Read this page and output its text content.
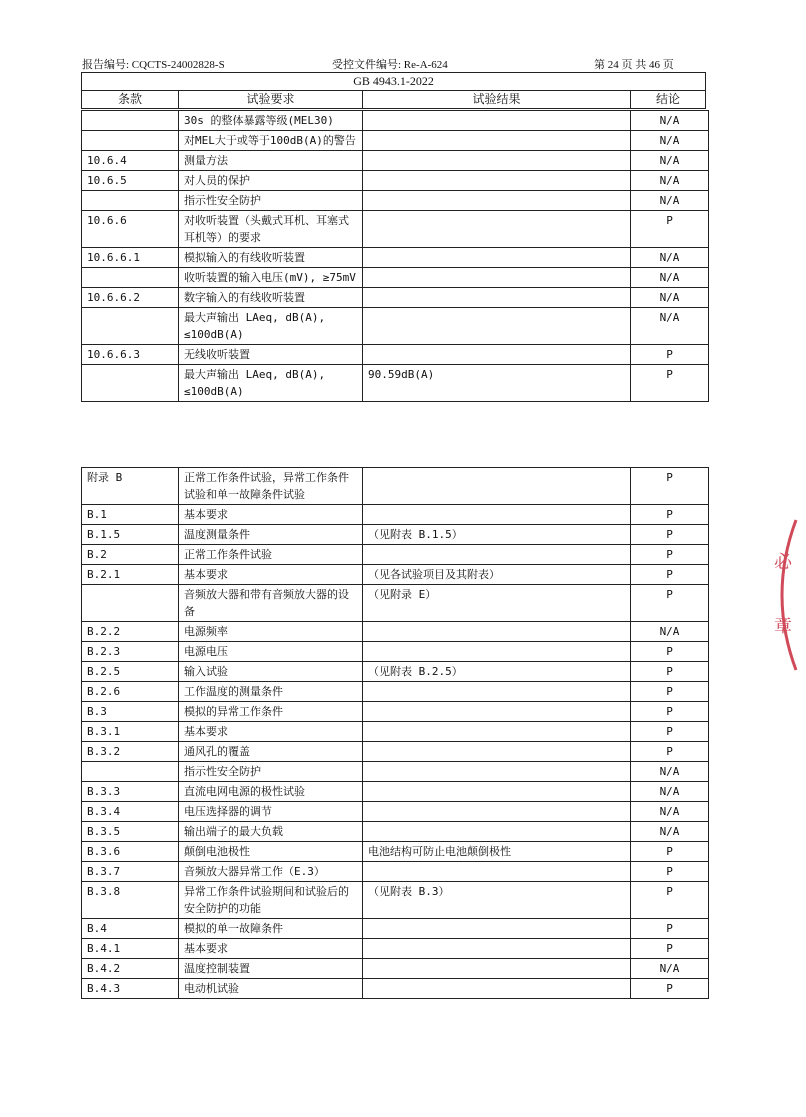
报告编号: CQCTS-24002828-S	受控文件编号: Re-A-624	第 24 页 共 46 页
GB 4943.1-2022
条款	试验要求	试验结果	结论
	30s 的整体暴露等级(MEL30)		N/A
	对MEL大于或等于100dB(A)的警告		N/A
10.6.4	测量方法		N/A
10.6.5	对人员的保护		N/A
	指示性安全防护		N/A
10.6.6	对收听装置（头戴式耳机、耳塞式耳机等）的要求		P
10.6.6.1	模拟输入的有线收听装置		N/A
	收听装置的输入电压(mV), ≥75mV		N/A
10.6.6.2	数字输入的有线收听装置		N/A
	最大声输出 LAeq, dB(A), ≤100dB(A)		N/A
10.6.6.3	无线收听装置		P
	最大声输出 LAeq, dB(A), ≤100dB(A)	90.59dB(A)	P
附录 B	正常工作条件试验，异常工作条件试验和单一故障条件试验		P
B.1	基本要求		P
B.1.5	温度测量条件	（见附表 B.1.5）	P
B.2	正常工作条件试验		P
B.2.1	基本要求	（见各试验项目及其附表）	P
	音频放大器和带有音频放大器的设备	（见附录 E）	P
B.2.2	电源频率		N/A
B.2.3	电源电压		P
B.2.5	输入试验	（见附表 B.2.5）	P
B.2.6	工作温度的测量条件		P
B.3	模拟的异常工作条件		P
B.3.1	基本要求		P
B.3.2	通风孔的覆盖		P
	指示性安全防护		N/A
B.3.3	直流电网电源的极性试验		N/A
B.3.4	电压选择器的调节		N/A
B.3.5	输出端子的最大负载		N/A
B.3.6	颠倒电池极性	电池结构可防止电池颠倒极性	P
B.3.7	音频放大器异常工作（E.3）		P
B.3.8	异常工作条件试验期间和试验后的安全防护的功能	（见附表 B.3）	P
B.4	模拟的单一故障条件		P
B.4.1	基本要求		P
B.4.2	温度控制装置		N/A
B.4.3	电动机试验		P
必
章
